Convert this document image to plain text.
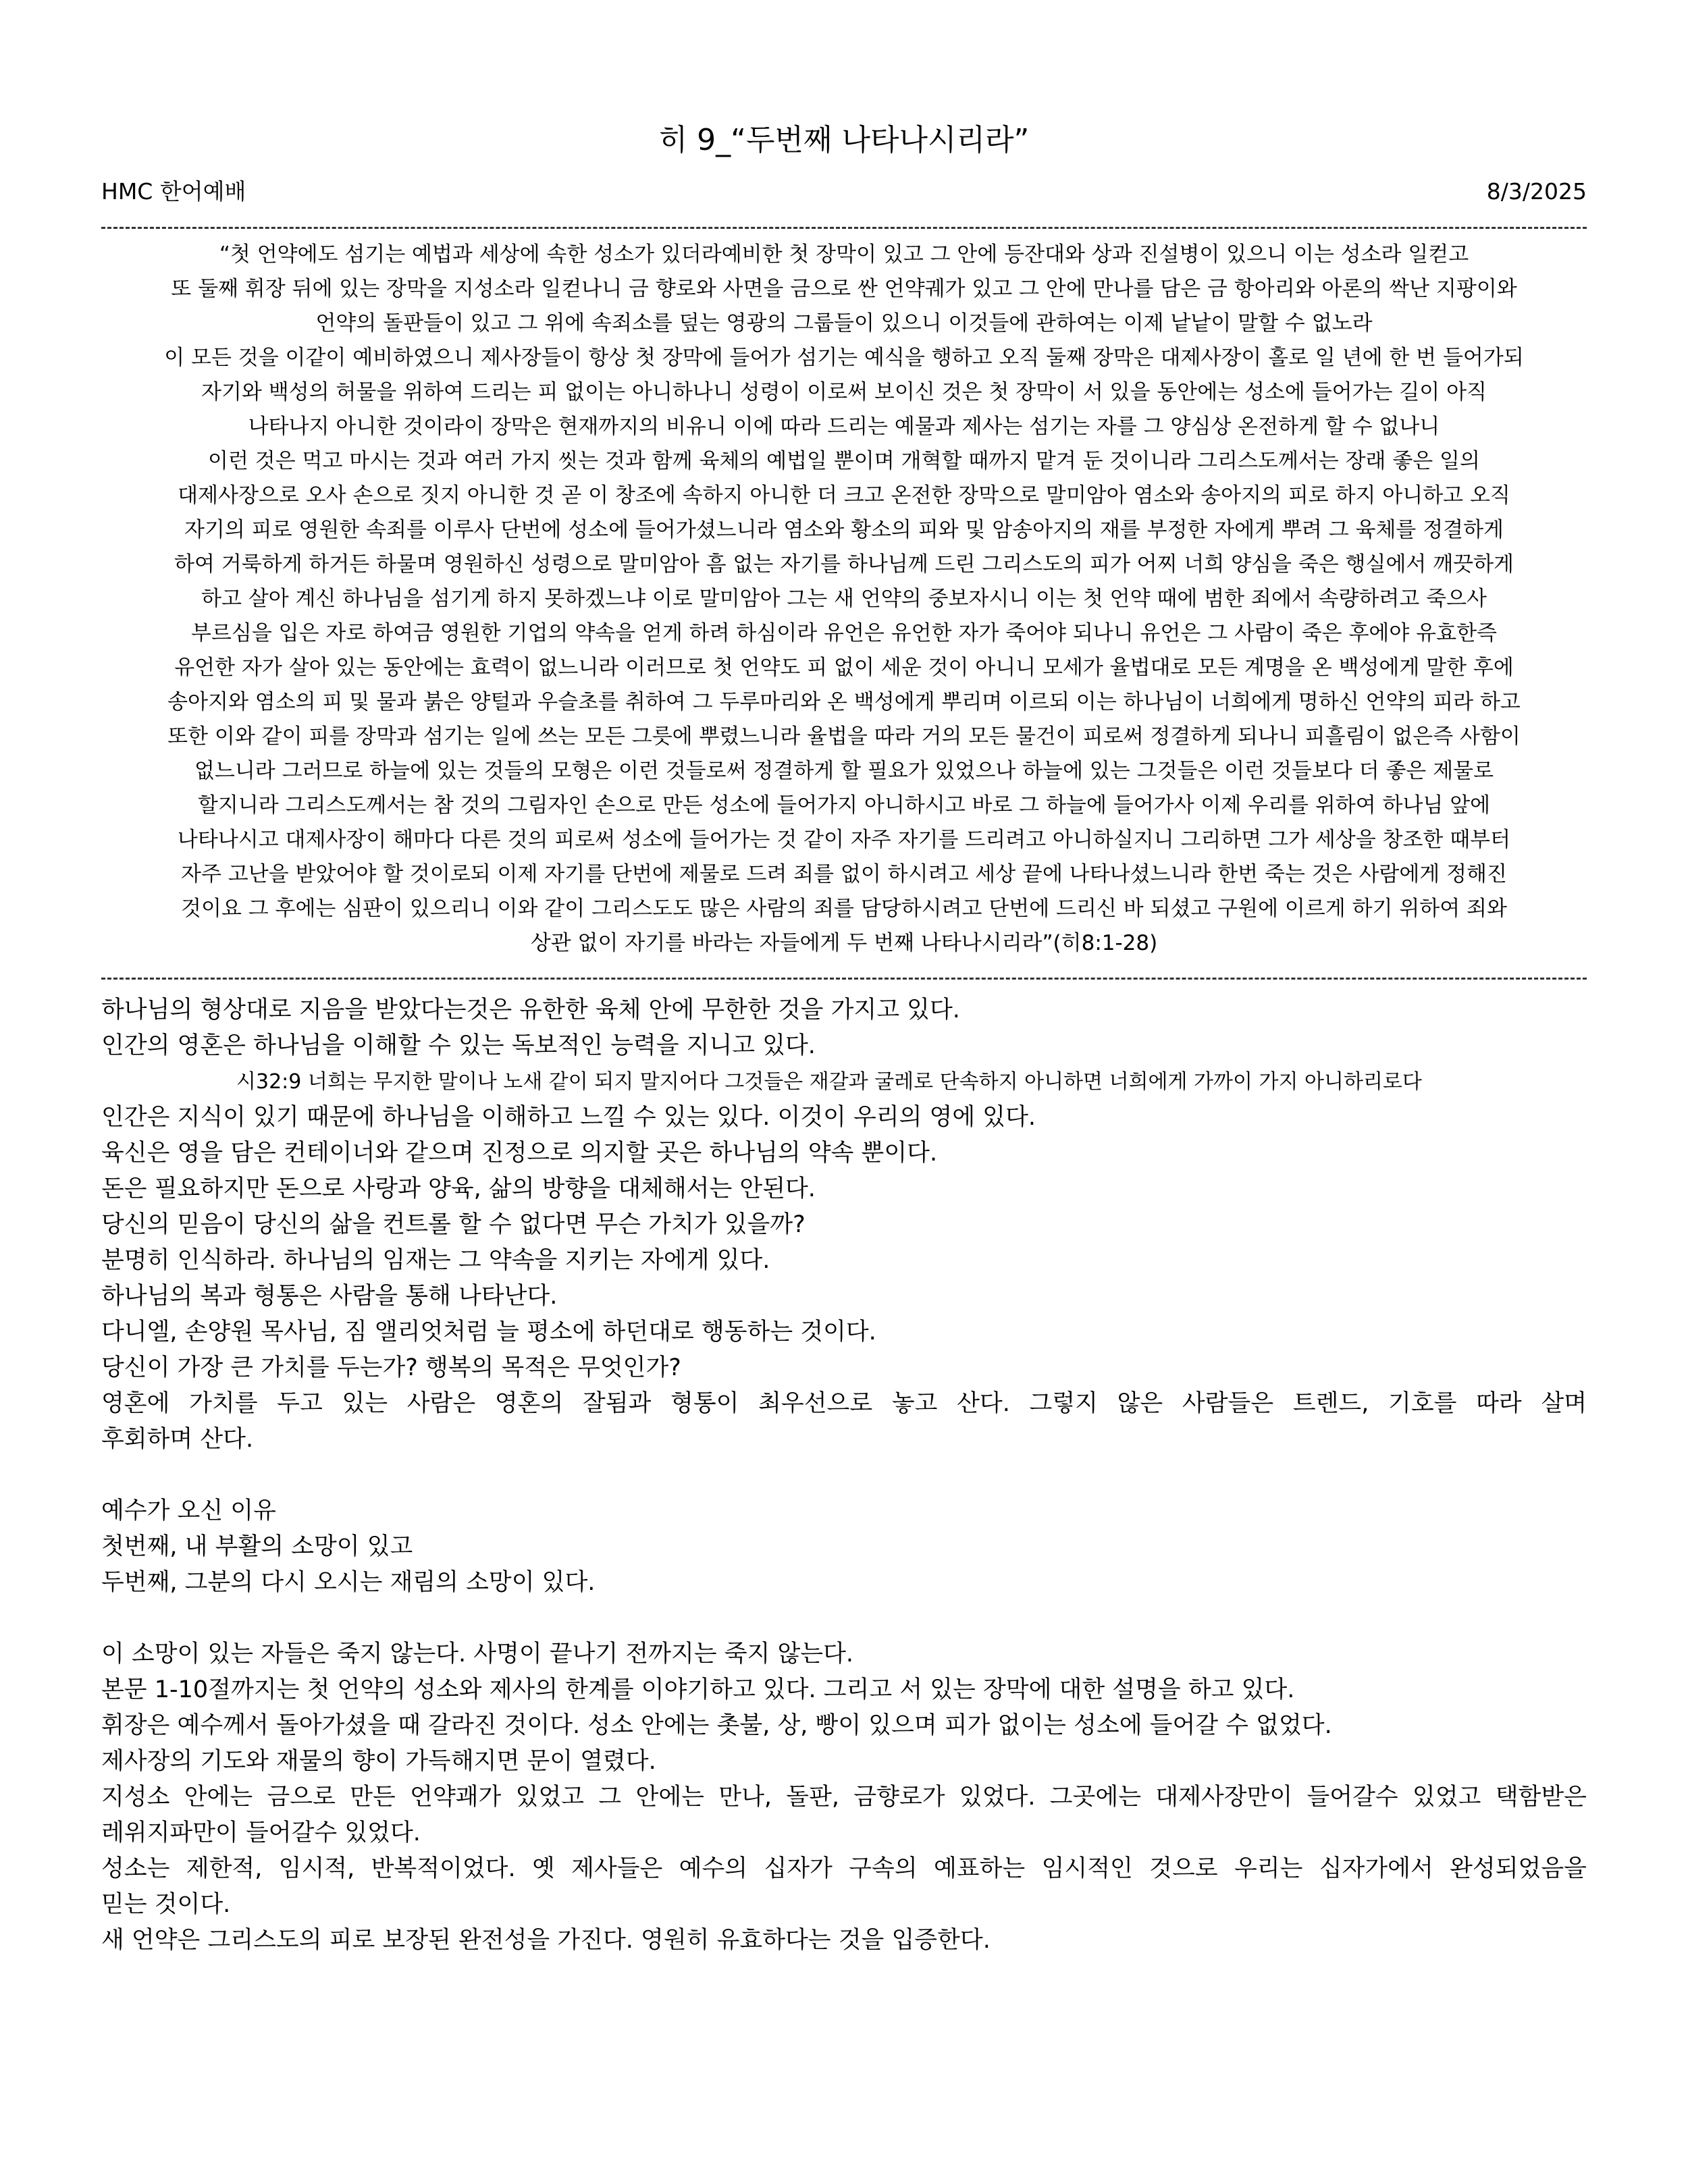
히 9_“두번째 나타나시리라”
HMC 한어예배	8/3/2025
“첫 언약에도 섬기는 예법과 세상에 속한 성소가 있더라예비한 첫 장막이 있고 그 안에 등잔대와 상과 진설병이 있으니 이는 성소라 일컫고
또 둘째 휘장 뒤에 있는 장막을 지성소라 일컫나니 금 향로와 사면을 금으로 싼 언약궤가 있고 그 안에 만나를 담은 금 항아리와 아론의 싹난 지팡이와
언약의 돌판들이 있고 그 위에 속죄소를 덮는 영광의 그룹들이 있으니 이것들에 관하여는 이제 낱낱이 말할 수 없노라
이 모든 것을 이같이 예비하였으니 제사장들이 항상 첫 장막에 들어가 섬기는 예식을 행하고 오직 둘째 장막은 대제사장이 홀로 일 년에 한 번 들어가되
자기와 백성의 허물을 위하여 드리는 피 없이는 아니하나니 성령이 이로써 보이신 것은 첫 장막이 서 있을 동안에는 성소에 들어가는 길이 아직
나타나지 아니한 것이라이 장막은 현재까지의 비유니 이에 따라 드리는 예물과 제사는 섬기는 자를 그 양심상 온전하게 할 수 없나니
이런 것은 먹고 마시는 것과 여러 가지 씻는 것과 함께 육체의 예법일 뿐이며 개혁할 때까지 맡겨 둔 것이니라 그리스도께서는 장래 좋은 일의
대제사장으로 오사 손으로 짓지 아니한 것 곧 이 창조에 속하지 아니한 더 크고 온전한 장막으로 말미암아 염소와 송아지의 피로 하지 아니하고 오직
자기의 피로 영원한 속죄를 이루사 단번에 성소에 들어가셨느니라 염소와 황소의 피와 및 암송아지의 재를 부정한 자에게 뿌려 그 육체를 정결하게
하여 거룩하게 하거든 하물며 영원하신 성령으로 말미암아 흠 없는 자기를 하나님께 드린 그리스도의 피가 어찌 너희 양심을 죽은 행실에서 깨끗하게
하고 살아 계신 하나님을 섬기게 하지 못하겠느냐 이로 말미암아 그는 새 언약의 중보자시니 이는 첫 언약 때에 범한 죄에서 속량하려고 죽으사
부르심을 입은 자로 하여금 영원한 기업의 약속을 얻게 하려 하심이라 유언은 유언한 자가 죽어야 되나니 유언은 그 사람이 죽은 후에야 유효한즉
유언한 자가 살아 있는 동안에는 효력이 없느니라 이러므로 첫 언약도 피 없이 세운 것이 아니니 모세가 율법대로 모든 계명을 온 백성에게 말한 후에
송아지와 염소의 피 및 물과 붉은 양털과 우슬초를 취하여 그 두루마리와 온 백성에게 뿌리며 이르되 이는 하나님이 너희에게 명하신 언약의 피라 하고
또한 이와 같이 피를 장막과 섬기는 일에 쓰는 모든 그릇에 뿌렸느니라 율법을 따라 거의 모든 물건이 피로써 정결하게 되나니 피흘림이 없은즉 사함이
없느니라 그러므로 하늘에 있는 것들의 모형은 이런 것들로써 정결하게 할 필요가 있었으나 하늘에 있는 그것들은 이런 것들보다 더 좋은 제물로
할지니라 그리스도께서는 참 것의 그림자인 손으로 만든 성소에 들어가지 아니하시고 바로 그 하늘에 들어가사 이제 우리를 위하여 하나님 앞에
나타나시고 대제사장이 해마다 다른 것의 피로써 성소에 들어가는 것 같이 자주 자기를 드리려고 아니하실지니 그리하면 그가 세상을 창조한 때부터
자주 고난을 받았어야 할 것이로되 이제 자기를 단번에 제물로 드려 죄를 없이 하시려고 세상 끝에 나타나셨느니라 한번 죽는 것은 사람에게 정해진
것이요 그 후에는 심판이 있으리니 이와 같이 그리스도도 많은 사람의 죄를 담당하시려고 단번에 드리신 바 되셨고 구원에 이르게 하기 위하여 죄와
상관 없이 자기를 바라는 자들에게 두 번째 나타나시리라”(히8:1-28)
하나님의 형상대로 지음을 받았다는것은 유한한 육체 안에 무한한 것을 가지고 있다.
인간의 영혼은 하나님을 이해할 수 있는 독보적인 능력을 지니고 있다.
시32:9 너희는 무지한 말이나 노새 같이 되지 말지어다 그것들은 재갈과 굴레로 단속하지 아니하면 너희에게 가까이 가지 아니하리로다
인간은 지식이 있기 때문에 하나님을 이해하고 느낄 수 있는 있다. 이것이 우리의 영에 있다.
육신은 영을 담은 컨테이너와 같으며 진정으로 의지할 곳은 하나님의 약속 뿐이다.
돈은 필요하지만 돈으로 사랑과 양육, 삶의 방향을 대체해서는 안된다.
당신의 믿음이 당신의 삶을 컨트롤 할 수 없다면 무슨 가치가 있을까?
분명히 인식하라. 하나님의 임재는 그 약속을 지키는 자에게 있다.
하나님의 복과 형통은 사람을 통해 나타난다.
다니엘, 손양원 목사님, 짐 앨리엇처럼 늘 평소에 하던대로 행동하는 것이다.
당신이 가장 큰 가치를 두는가? 행복의 목적은 무엇인가?
영혼에 가치를 두고 있는 사람은 영혼의 잘됨과 형통이 최우선으로 놓고 산다. 그렇지 않은 사람들은 트렌드, 기호를 따라 살며
후회하며 산다.
예수가 오신 이유
첫번째, 내 부활의 소망이 있고
두번째, 그분의 다시 오시는 재림의 소망이 있다.
이 소망이 있는 자들은 죽지 않는다. 사명이 끝나기 전까지는 죽지 않는다.
본문 1-10절까지는 첫 언약의 성소와 제사의 한계를 이야기하고 있다. 그리고 서 있는 장막에 대한 설명을 하고 있다.
휘장은 예수께서 돌아가셨을 때 갈라진 것이다. 성소 안에는 촛불, 상, 빵이 있으며 피가 없이는 성소에 들어갈 수 없었다.
제사장의 기도와 재물의 향이 가득해지면 문이 열렸다.
지성소 안에는 금으로 만든 언약괘가 있었고 그 안에는 만나, 돌판, 금향로가 있었다. 그곳에는 대제사장만이 들어갈수 있었고 택함받은
레위지파만이 들어갈수 있었다.
성소는 제한적, 임시적, 반복적이었다. 옛 제사들은 예수의 십자가 구속의 예표하는 임시적인 것으로 우리는 십자가에서 완성되었음을
믿는 것이다.
새 언약은 그리스도의 피로 보장된 완전성을 가진다. 영원히 유효하다는 것을 입증한다.
